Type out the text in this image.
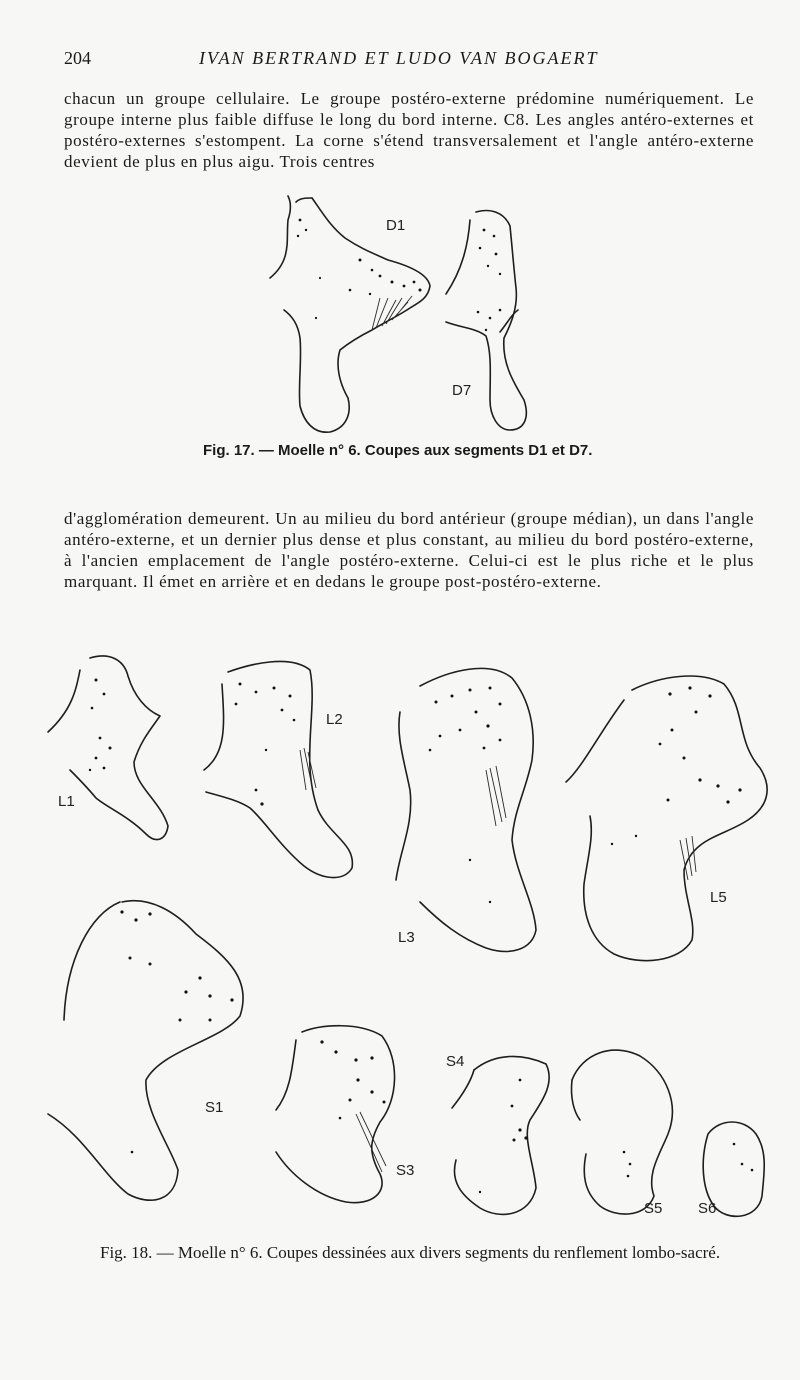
204	IVAN BERTRAND ET LUDO VAN BOGAERT

chacun un groupe cellulaire. Le groupe postéro-externe prédomine numériquement. Le groupe interne plus faible diffuse le long du bord interne. C8. Les angles antéro-externes et postéro-externes s'estompent. La corne s'étend transversalement et l'angle antéro-externe devient de plus en plus aigu. Trois centres

D1
D7
Fig. 17. — Moelle n° 6. Coupes aux segments D1 et D7.

d'agglomération demeurent. Un au milieu du bord antérieur (groupe médian), un dans l'angle antéro-externe, et un dernier plus dense et plus constant, au milieu du bord postéro-externe, à l'ancien emplacement de l'angle postéro-externe. Celui-ci est le plus riche et le plus marquant. Il émet en arrière et en dedans le groupe post-postéro-externe.

L1
L2
L3
L5
S1
S3
S4
S5 S6
Fig. 18. — Moelle n° 6. Coupes dessinées aux divers segments du renflement lombo-sacré.
